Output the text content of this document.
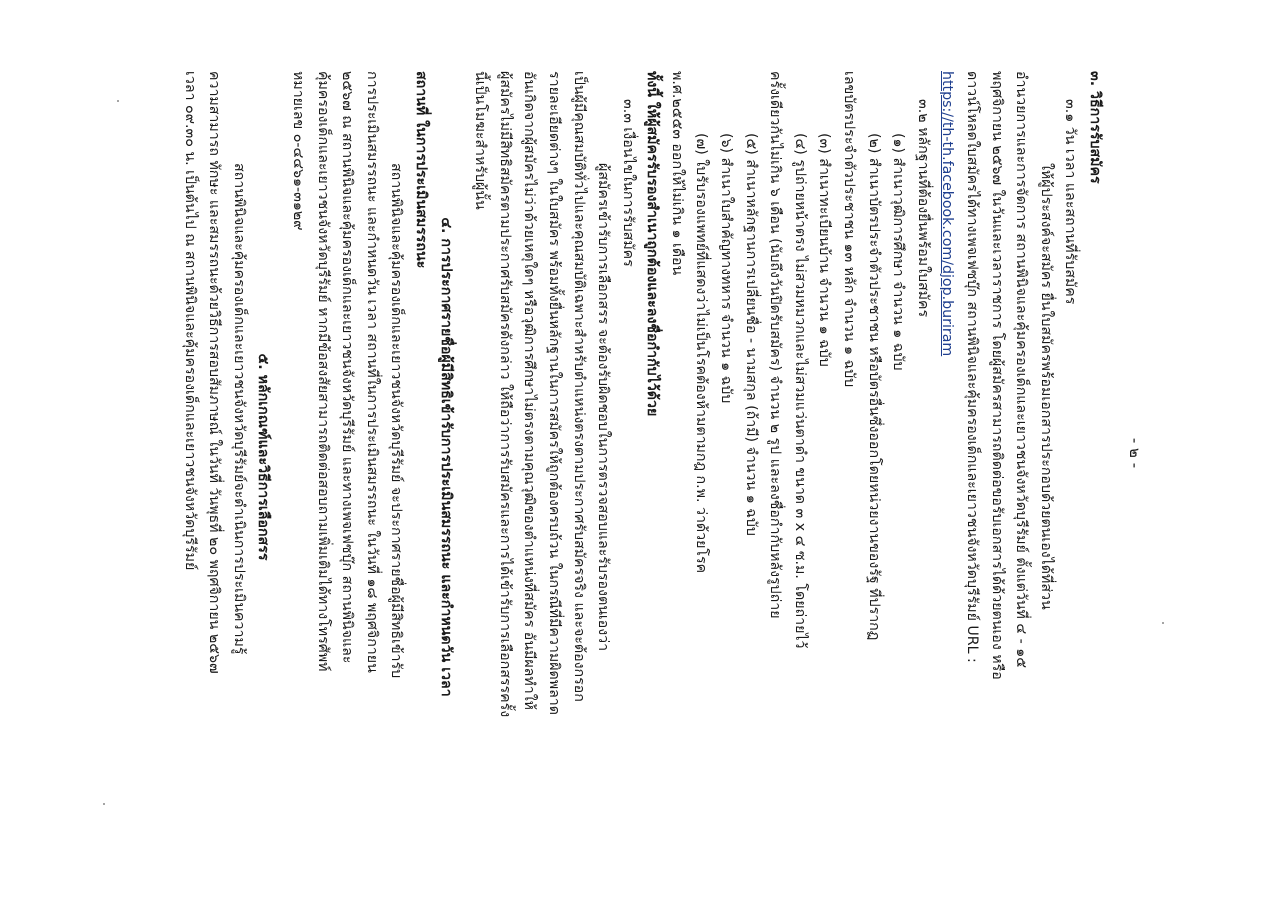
- ๒ -
๓. วิธีการรับสมัคร
๓.๑ วัน เวลา และสถานที่รับสมัคร
ให้ผู้ประสงค์จะสมัคร ยื่นใบสมัครพร้อมเอกสารประกอบด้วยตนเองได้ที่ส่วน
อำนวยการและการจัดการ สถานพินิจและคุ้มครองเด็กและเยาวชนจังหวัดบุรีรัมย์ ตั้งแต่วันที่ ๔ - ๑๕
พฤศจิกายน ๒๕๖๗ ในวันและเวลาราชการ โดยผู้สมัครสามารถติดต่อขอรับเอกสารได้ด้วยตนเอง หรือ
ดาวน์โหลดใบสมัครได้ทางเพจเฟซบุ๊ก สถานพินิจและคุ้มครองเด็กและเยาวชนจังหวัดบุรีรัมย์ URL :
https://th-th.facebook.com/djop.buriram
๓.๒ หลักฐานที่ต้องยื่นพร้อมใบสมัคร
(๑) สำเนาวุฒิการศึกษา จำนวน ๑ ฉบับ
(๒) สำเนาบัตรประจำตัวประชาชน หรือบัตรอื่นซึ่งออกโดยหน่วยงานของรัฐ ที่ปรากฏ
เลขบัตรประจำตัวประชาชน ๑๓ หลัก จำนวน ๑ ฉบับ
(๓) สำเนาทะเบียนบ้าน จำนวน ๑ ฉบับ
(๔) รูปถ่ายหน้าตรง ไม่สวมหมวกและไม่สวมแว่นตาดำ ขนาด ๓ x ๔ ซ.ม. โดยถ่ายไว้
ครั้งเดียวกันไม่เกิน ๖ เดือน (นับถึงวันปิดรับสมัคร) จำนวน ๒ รูป และลงชื่อกำกับหลังรูปถ่าย
(๕) สำเนาหลักฐานการเปลี่ยนชื่อ - นามสกุล (ถ้ามี) จำนวน ๑ ฉบับ
(๖) สำเนาใบสำคัญทางทหาร จำนวน ๑ ฉบับ
(๗) ใบรับรองแพทย์ที่แสดงว่าไม่เป็นโรคต้องห้ามตามกฎ ก.พ. ว่าด้วยโรค
พ.ศ.๒๕๕๓ ออกให้ไม่เกิน ๑ เดือน
ทั้งนี้ ให้ผู้สมัครรับรองสำเนาถูกต้องและลงชื่อกำกับไว้ด้วย
๓.๓ เงื่อนไขในการรับสมัคร
ผู้สมัครเข้ารับการเลือกสรร จะต้องรับผิดชอบในการตรวจสอบและรับรองตนเองว่า
เป็นผู้มีคุณสมบัติทั่วไปและคุณสมบัติเฉพาะสำหรับตำแหน่งตรงตามประกาศรับสมัครจริง และจะต้องกรอก
รายละเอียดต่างๆ ในใบสมัคร พร้อมทั้งยื่นหลักฐานในการสมัครให้ถูกต้องครบถ้วน ในกรณีที่มีความผิดพลาด
อันเกิดจากผู้สมัครไม่ว่าด้วยเหตุใดๆ หรือวุฒิการศึกษาไม่ตรงตามคุณวุฒิของตำแหน่งที่สมัคร อันมีผลทำให้
ผู้สมัครไม่มีสิทธิสมัครตามประกาศรับสมัครดังกล่าว ให้ถือว่าการรับสมัครและการได้เข้ารับการเลือกสรรครั้ง
นี้เป็นโมฆะสำหรับผู้นั้น
๔. การประกาศรายชื่อผู้มีสิทธิเข้ารับการประเมินสมรรถนะ และกำหนดวัน เวลา
สถานที่ ในการประเมินสมรรถนะ
สถานพินิจและคุ้มครองเด็กและเยาวชนจังหวัดบุรีรัมย์ จะประกาศรายชื่อผู้มีสิทธิเข้ารับ
การประเมินสมรรถนะ และกำหนดวัน เวลา สถานที่ในการประเมินสมรรถนะ ในวันที่ ๑๘ พฤศจิกายน
๒๕๖๗ ณ สถานพินิจและคุ้มครองเด็กและเยาวชนจังหวัดบุรีรัมย์ และทางเพจเฟซบุ๊ก สถานพินิจและ
คุ้มครองเด็กและเยาวชนจังหวัดบุรีรัมย์ หากมีข้อสงสัยสามารถติดต่อสอบถามเพิ่มเติมได้ทางโทรศัพท์
หมายเลข ๐-๔๔๖๑-๓๑๒๙
๕. หลักเกณฑ์และวิธีการเลือกสรร
สถานพินิจและคุ้มครองเด็กและเยาวชนจังหวัดบุรีรัมย์จะดำเนินการประเมินความรู้
ความสามารถ ทักษะ และสมรรถนะด้วยวิธีการสอบสัมภาษณ์ ในวันที่ วันพุธที่ ๒๐ พฤศจิกายน ๒๕๖๗
เวลา ๐๙.๓๐ น. เป็นต้นไป ณ สถานพินิจและคุ้มครองเด็กและเยาวชนจังหวัดบุรีรัมย์
